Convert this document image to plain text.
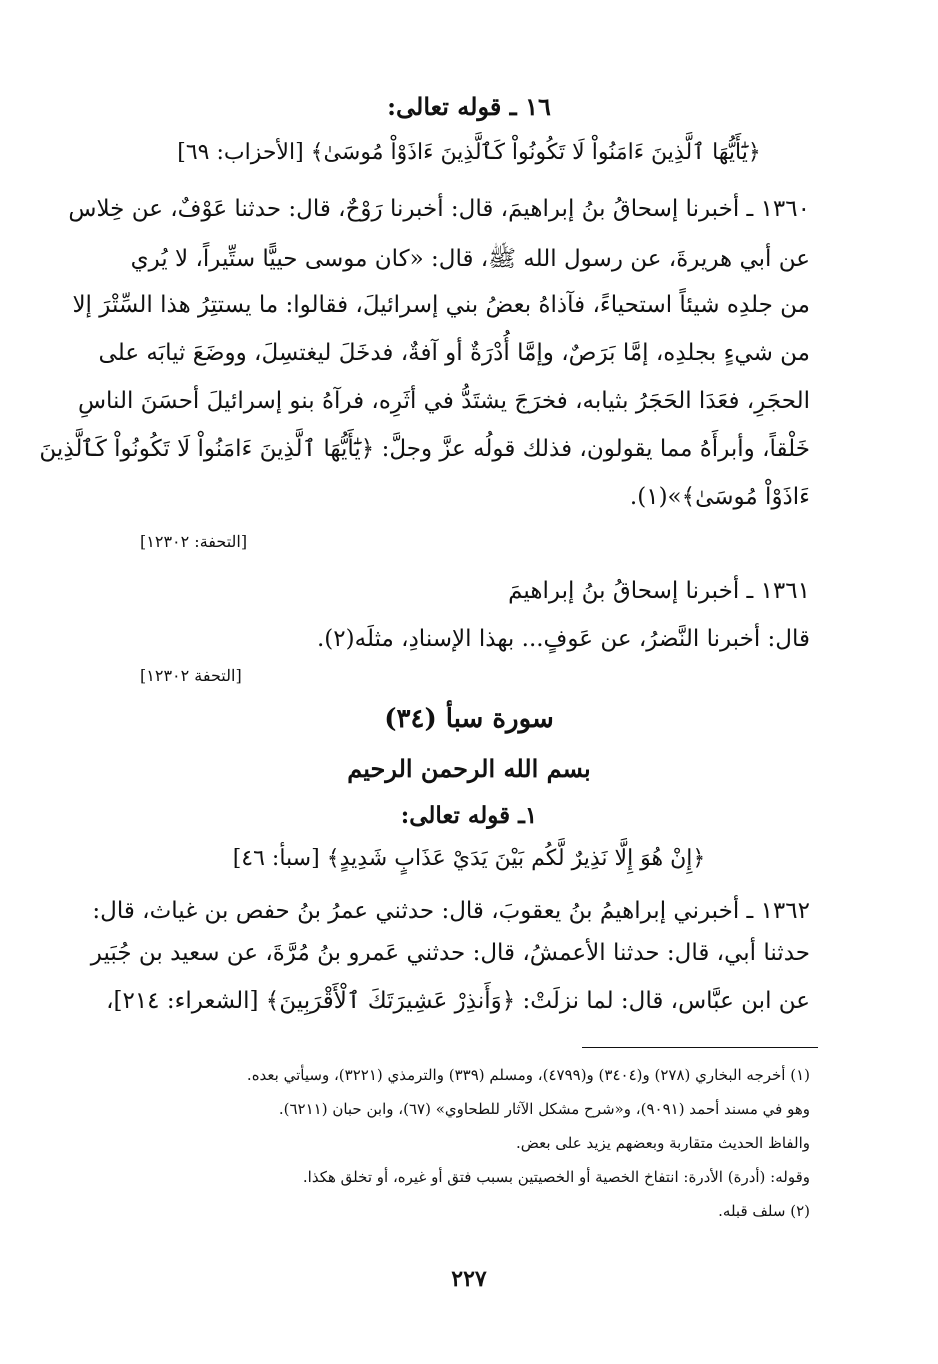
١٦ ـ قوله تعالى:
﴿يَٰٓأَيُّهَا ٱلَّذِينَ ءَامَنُواْ لَا تَكُونُواْ كَٱلَّذِينَ ءَاذَوْاْ مُوسَىٰ﴾ [الأحزاب: ٦٩]
١٣٦٠ ـ أخبرنا إسحاقُ بنُ إبراهيمَ، قال: أخبرنا رَوْحٌ، قال: حدثنا عَوْفٌ، عن خِلاس
عن أبي هريرةَ، عن رسول الله ﷺ، قال: «كان موسى حييًّا ستِّيراً، لا يُري
من جلدِه شيئاً استحياءً، فآذاهُ بعضُ بني إسرائيلَ، فقالوا: ما يستتِرُ هذا السِّتْرَ إلا
من شيءٍ بجلدِه، إمَّا بَرَصٌ، وإمَّا أُدْرَةٌ أو آفةٌ، فدخَلَ ليغتسِلَ، ووضَعَ ثيابَه على
الحجَرِ، فعَدَا الحَجَرُ بثيابه، فخرَجَ يشتَدُّ في أثَرِه، فرآهُ بنو إسرائيلَ أحسَنَ الناسِ
خَلْقاً، وأبرأَهُ مما يقولون، فذلك قولُه عزَّ وجلَّ: ﴿يَٰٓأَيُّهَا ٱلَّذِينَ ءَامَنُواْ لَا تَكُونُواْ كَٱلَّذِينَ
ءَاذَوْاْ مُوسَىٰ﴾»(١).
[التحفة: ١٢٣٠٢]
١٣٦١ ـ أخبرنا إسحاقُ بنُ إبراهيمَ
قال: أخبرنا النَّضرُ، عن عَوفٍ... بهذا الإسنادِ، مثلَه(٢).
[التحفة ١٢٣٠٢]
سورة سبأ (٣٤)
بسم الله الرحمن الرحيم
١ـ قوله تعالى:
﴿إِنْ هُوَ إِلَّا نَذِيرٌ لَّكُم بَيْنَ يَدَيْ عَذَابٍ شَدِيدٍ﴾ [سبأ: ٤٦]
١٣٦٢ ـ أخبرني إبراهيمُ بنُ يعقوبَ، قال: حدثني عمرُ بنُ حفص بن غياث، قال:
حدثنا أبي، قال: حدثنا الأعمشُ، قال: حدثني عَمرو بنُ مُرَّةَ، عن سعيد بن جُبَير
عن ابن عبَّاس، قال: لما نزلَتْ: ﴿وَأَنذِرْ عَشِيرَتَكَ ٱلْأَقْرَبِينَ﴾ [الشعراء: ٢١٤]،
(١) أخرجه البخاري (٢٧٨) و(٣٤٠٤) و(٤٧٩٩)، ومسلم (٣٣٩) والترمذي (٣٢٢١)، وسيأتي بعده.
وهو في مسند أحمد (٩٠٩١)، و«شرح مشكل الآثار للطحاوي» (٦٧)، وابن حبان (٦٢١١).
والفاظ الحديث متقاربة وبعضهم يزيد على بعض.
وقوله: (أدرة) الأدرة: انتفاخ الخصية أو الخصيتين بسبب فتق أو غيره، أو تخلق هكذا.
(٢) سلف قبله.
٢٢٧
